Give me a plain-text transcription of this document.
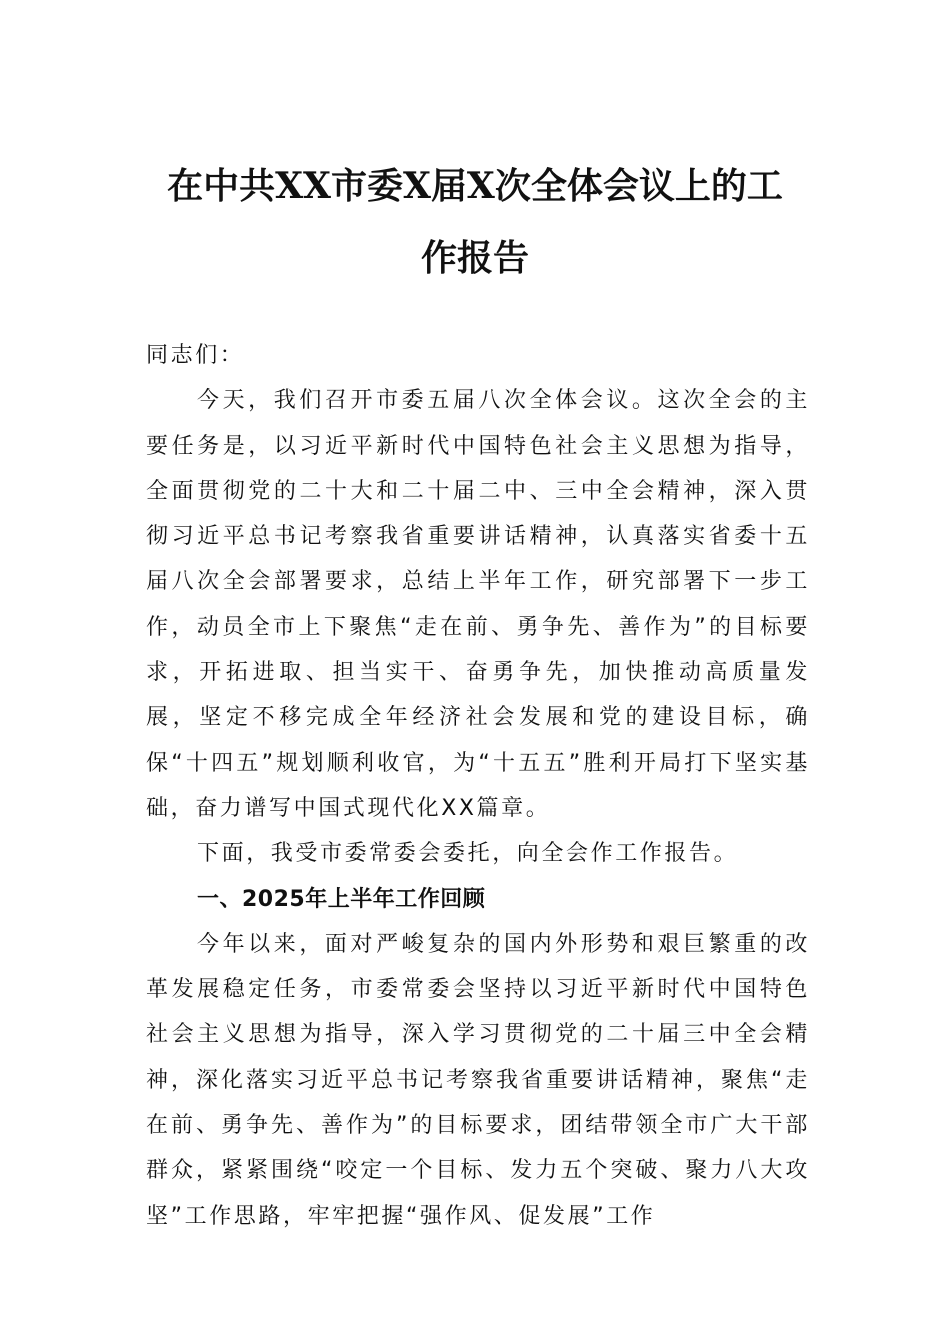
在中共XX市委X届X次全体会议上的工
作报告

同志们：

今天，我们召开市委五届八次全体会议。这次全会的主要任务是，以习近平新时代中国特色社会主义思想为指导，全面贯彻党的二十大和二十届二中、三中全会精神，深入贯彻习近平总书记考察我省重要讲话精神，认真落实省委十五届八次全会部署要求，总结上半年工作，研究部署下一步工作，动员全市上下聚焦“走在前、勇争先、善作为”的目标要求，开拓进取、担当实干、奋勇争先，加快推动高质量发展，坚定不移完成全年经济社会发展和党的建设目标，确保“十四五”规划顺利收官，为“十五五”胜利开局打下坚实基础，奋力谱写中国式现代化XX篇章。

下面，我受市委常委会委托，向全会作工作报告。

一、2025年上半年工作回顾

今年以来，面对严峻复杂的国内外形势和艰巨繁重的改革发展稳定任务，市委常委会坚持以习近平新时代中国特色社会主义思想为指导，深入学习贯彻党的二十届三中全会精神，深化落实习近平总书记考察我省重要讲话精神，聚焦“走在前、勇争先、善作为”的目标要求，团结带领全市广大干部群众，紧紧围绕“咬定一个目标、发力五个突破、聚力八大攻坚”工作思路，牢牢把握“强作风、促发展”工作
